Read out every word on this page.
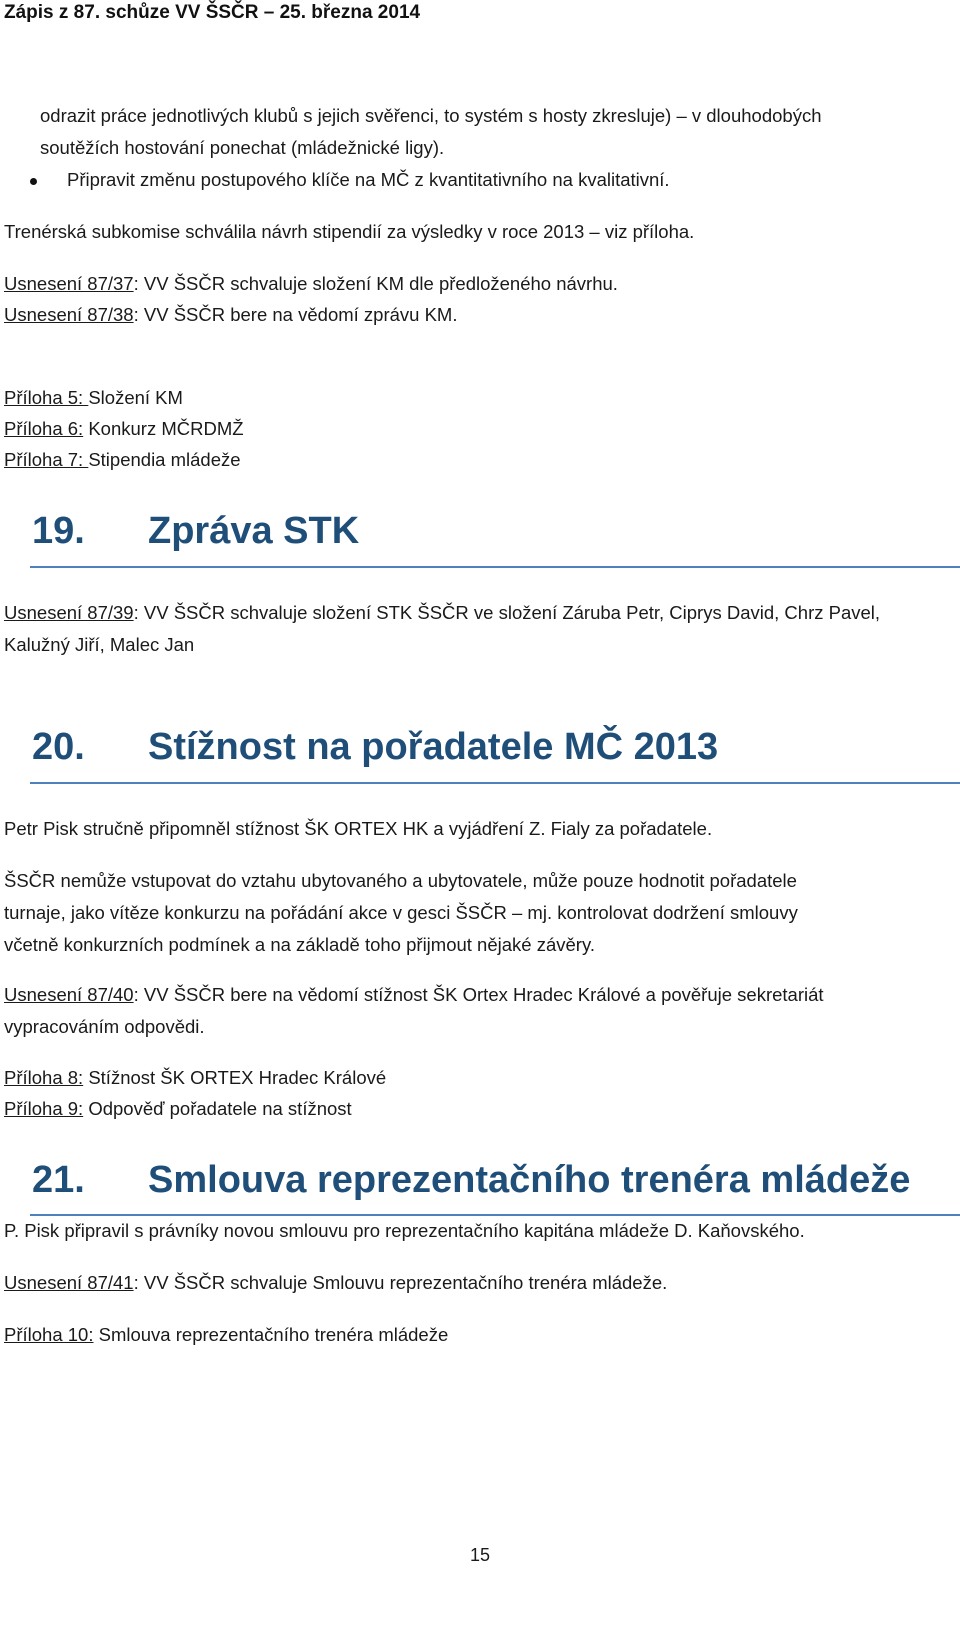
Zápis z 87. schůze VV ŠSČR – 25. března 2014
odrazit práce jednotlivých klubů s jejich svěřenci, to systém s hosty zkresluje) – v dlouhodobých
soutěžích hostování ponechat (mládežnické ligy).
Připravit změnu postupového klíče na MČ z kvantitativního na kvalitativní.
Trenérská subkomise schválila návrh stipendií za výsledky v roce 2013 – viz příloha.
Usnesení 87/37: VV ŠSČR schvaluje složení KM dle předloženého návrhu.
Usnesení 87/38: VV ŠSČR bere na vědomí zprávu KM.
Příloha 5: Složení KM
Příloha 6: Konkurz MČRDMŽ
Příloha 7: Stipendia mládeže
19. Zpráva STK
Usnesení 87/39: VV ŠSČR schvaluje složení STK ŠSČR ve složení Záruba Petr, Ciprys David, Chrz Pavel,
Kalužný Jiří, Malec Jan
20. Stížnost na pořadatele MČ 2013
Petr Pisk stručně připomněl stížnost ŠK ORTEX HK a vyjádření Z. Fialy za pořadatele.
ŠSČR nemůže vstupovat do vztahu ubytovaného a ubytovatele, může pouze hodnotit pořadatele
turnaje, jako vítěze konkurzu na pořádání akce v gesci ŠSČR – mj. kontrolovat dodržení smlouvy
včetně konkurzních podmínek a na základě toho přijmout nějaké závěry.
Usnesení 87/40: VV ŠSČR bere na vědomí stížnost ŠK Ortex Hradec Králové a pověřuje sekretariát
vypracováním odpovědi.
Příloha 8: Stížnost ŠK ORTEX Hradec Králové
Příloha 9: Odpověď pořadatele na stížnost
21. Smlouva reprezentačního trenéra mládeže
P. Pisk připravil s právníky novou smlouvu pro reprezentačního kapitána mládeže D. Kaňovského.
Usnesení 87/41: VV ŠSČR schvaluje Smlouvu reprezentačního trenéra mládeže.
Příloha 10: Smlouva reprezentačního trenéra mládeže
15
